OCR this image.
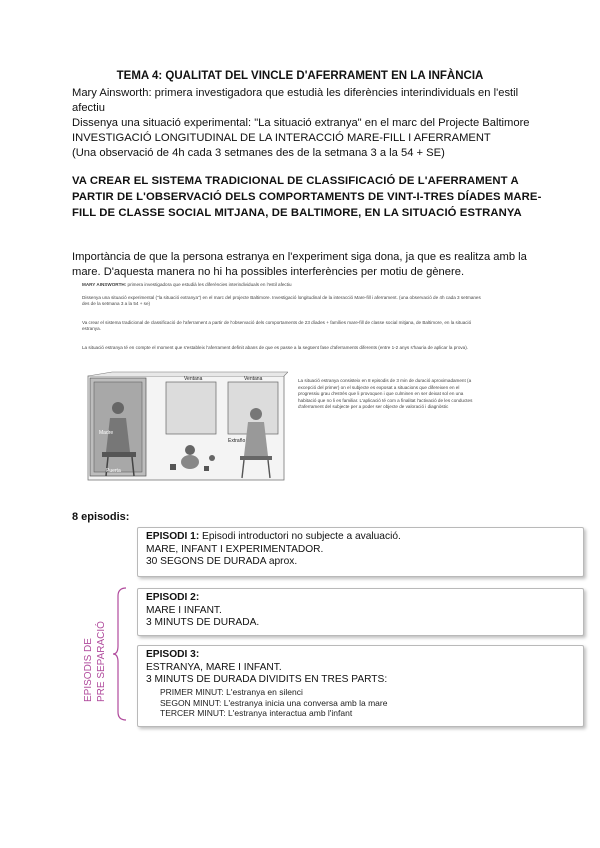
TEMA 4: QUALITAT DEL VINCLE D'AFERRAMENT EN LA INFÀNCIA
Mary Ainsworth: primera investigadora que estudià les diferències interindividuals en l'estil afectiu
Dissenya una situació experimental: "La situació extranya" en el marc del Projecte Baltimore
INVESTIGACIÓ LONGITUDINAL DE LA INTERACCIÓ MARE-FILL I AFERRAMENT
(Una observació de 4h cada 3 setmanes des de la setmana 3 a la 54 + SE)
VA CREAR EL SISTEMA TRADICIONAL DE CLASSIFICACIÓ DE L'AFERRAMENT A PARTIR DE L'OBSERVACIÓ DELS COMPORTAMENTS DE VINT-I-TRES DÍADES MARE-FILL DE CLASSE SOCIAL MITJANA, DE BALTIMORE, EN LA SITUACIÓ ESTRANYA
Importància de que la persona estranya en l'experiment siga dona, ja que es realitza amb la mare. D'aquesta manera no hi ha possibles interferències per motiu de gènere.

MARY AINSWORTH: primera investigadora que estudià les diferències interindividuals en l'estil afectiu

Dissenya una situació experimental ("la situació extranya") en el marc del projecte Baltimore. Investigació longitudinal de la interacció Mare-fill i aferrament. (una observació de 4h cada 3 setmanes des de la setmana 3 a la 54 + se)

Va crear el sistema tradicional de classificació de l'aferrament a partir de l'observació dels comportaments de 23 díades + famílies mare-fill de classe social mitjana, de Baltimore, en la situació estranya.

La situació estranya té en compte el moment que s'estableix l'aferrament definit abans de que es passe a la següent fase d'aferraments diferents (entre 1-2 anys s'hauria de aplicar la prova).

Ventana	Ventana
Madre
Extraño
Puerta
La situació estranya consisteix en 8 episodis de 3 min de duració aproximadament (a excepció del primer) on el subjecte es exposat a situacions que difereixen en el progressiu grau d'estrès que li provoquen i que culminen en ser deixat sol en una habitació que no li es familiar. L'aplicació té com a finalitat l'activació de les conductes d'aferrament del subjecte per a poder ser objecte de valoració i diagnòstic
8 episodis:
EPISODIS DE PRE SEPARACIÓ
EPISODI 1: Episodi introductori no subjecte a avaluació.
MARE, INFANT I EXPERIMENTADOR.
30 SEGONS DE DURADA aprox.
EPISODI 2:
MARE I INFANT.
3 MINUTS DE DURADA.
EPISODI 3:
ESTRANYA, MARE I INFANT.
3 MINUTS DE DURADA DIVIDITS EN TRES PARTS:
PRIMER MINUT: L'estranya en silenci
SEGON MINUT: L'estranya inicia una conversa amb la mare
TERCER MINUT: L'estranya interactua amb l'infant
